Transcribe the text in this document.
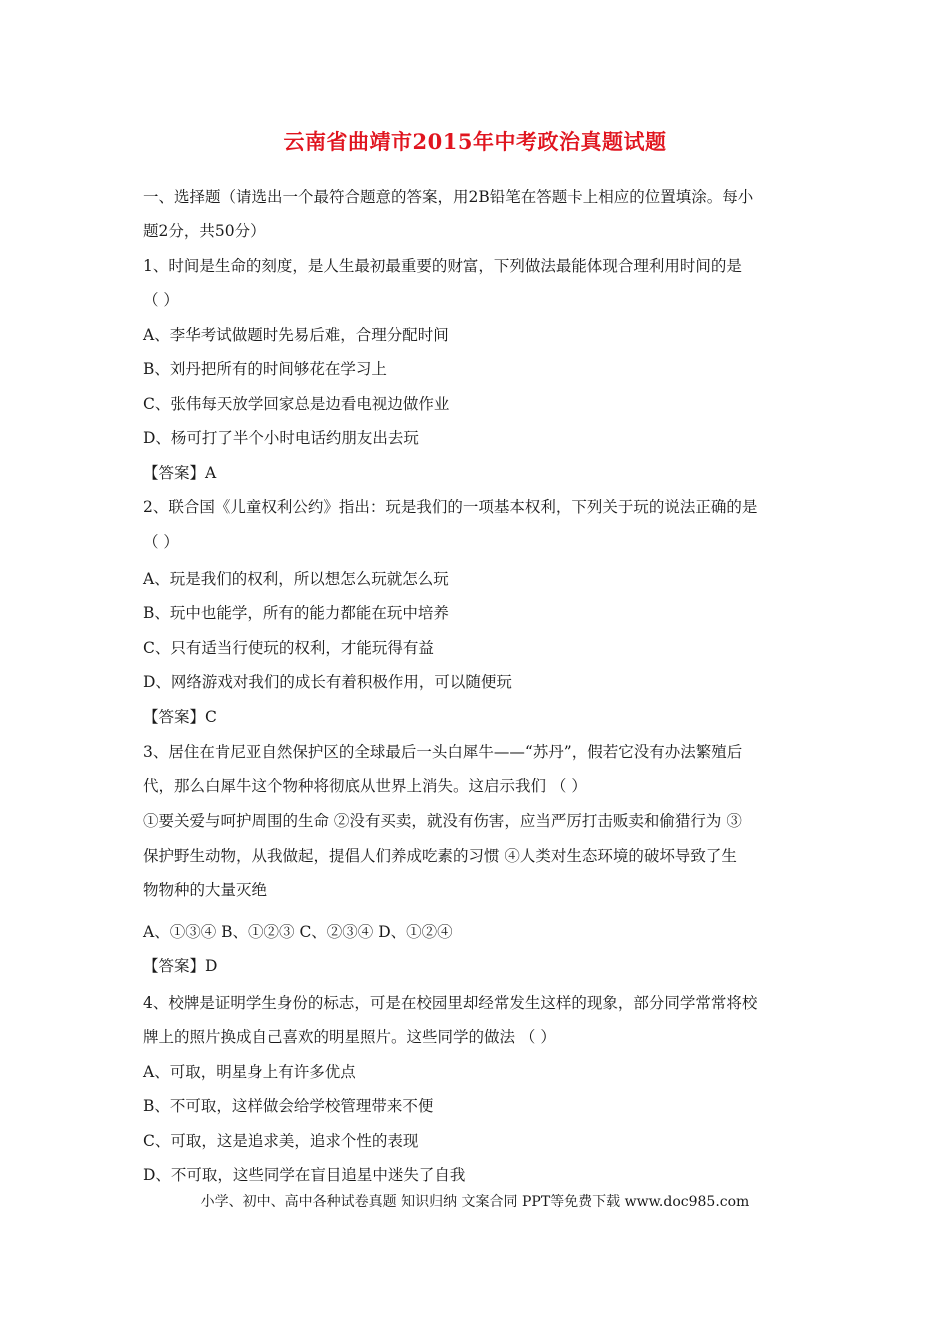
云南省曲靖市2015年中考政治真题试题
一、选择题（请选出一个最符合题意的答案，用2B铅笔在答题卡上相应的位置填涂。每小
题2分，共50分）
1、时间是生命的刻度，是人生最初最重要的财富，下列做法最能体现合理利用时间的是
（ ）
A、李华考试做题时先易后难，合理分配时间
B、刘丹把所有的时间够花在学习上
C、张伟每天放学回家总是边看电视边做作业
D、杨可打了半个小时电话约朋友出去玩
【答案】A
2、联合国《儿童权利公约》指出：玩是我们的一项基本权利，下列关于玩的说法正确的是
（ ）
A、玩是我们的权利，所以想怎么玩就怎么玩
B、玩中也能学，所有的能力都能在玩中培养
C、只有适当行使玩的权利，才能玩得有益
D、网络游戏对我们的成长有着积极作用，可以随便玩
【答案】C
3、居住在肯尼亚自然保护区的全球最后一头白犀牛——“苏丹”，假若它没有办法繁殖后
代，那么白犀牛这个物种将彻底从世界上消失。这启示我们 （ ）
①要关爱与呵护周围的生命 ②没有买卖，就没有伤害，应当严厉打击贩卖和偷猎行为 ③
保护野生动物，从我做起，提倡人们养成吃素的习惯 ④人类对生态环境的破坏导致了生
物物种的大量灭绝
A、①③④ B、①②③ C、②③④ D、①②④
【答案】D
4、校牌是证明学生身份的标志，可是在校园里却经常发生这样的现象，部分同学常常将校
牌上的照片换成自己喜欢的明星照片。这些同学的做法 （ ）
A、可取，明星身上有许多优点
B、不可取，这样做会给学校管理带来不便
C、可取，这是追求美，追求个性的表现
D、不可取，这些同学在盲目追星中迷失了自我
小学、初中、高中各种试卷真题 知识归纳 文案合同 PPT等免费下载 www.doc985.com
